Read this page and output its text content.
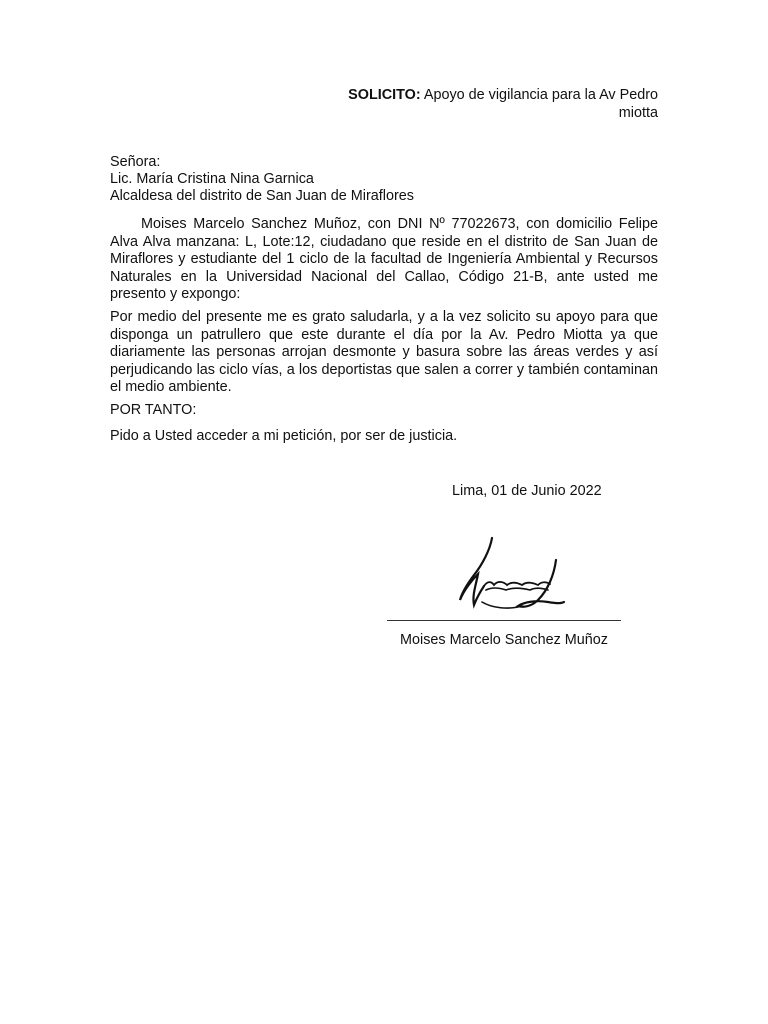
SOLICITO: Apoyo de vigilancia para la Av Pedro miotta
Señora:
Lic. María Cristina Nina Garnica
Alcaldesa del distrito de San Juan de Miraflores
Moises Marcelo Sanchez Muñoz, con DNI Nº 77022673, con domicilio Felipe Alva Alva manzana: L, Lote:12, ciudadano que reside en el distrito de San Juan de Miraflores y estudiante del 1 ciclo de la facultad de Ingeniería Ambiental y Recursos Naturales en la Universidad Nacional del Callao, Código 21-B, ante usted me presento y expongo:
Por medio del presente me es grato saludarla, y a la vez solicito su apoyo para que disponga un patrullero que este durante el día por la Av. Pedro Miotta ya que diariamente las personas arrojan desmonte y basura sobre las áreas verdes y así perjudicando las ciclo vías, a los deportistas que salen a correr y también contaminan el medio ambiente.
POR TANTO:
Pido a Usted acceder a mi petición, por ser de justicia.
Lima, 01 de Junio 2022
Moises Marcelo Sanchez Muñoz
